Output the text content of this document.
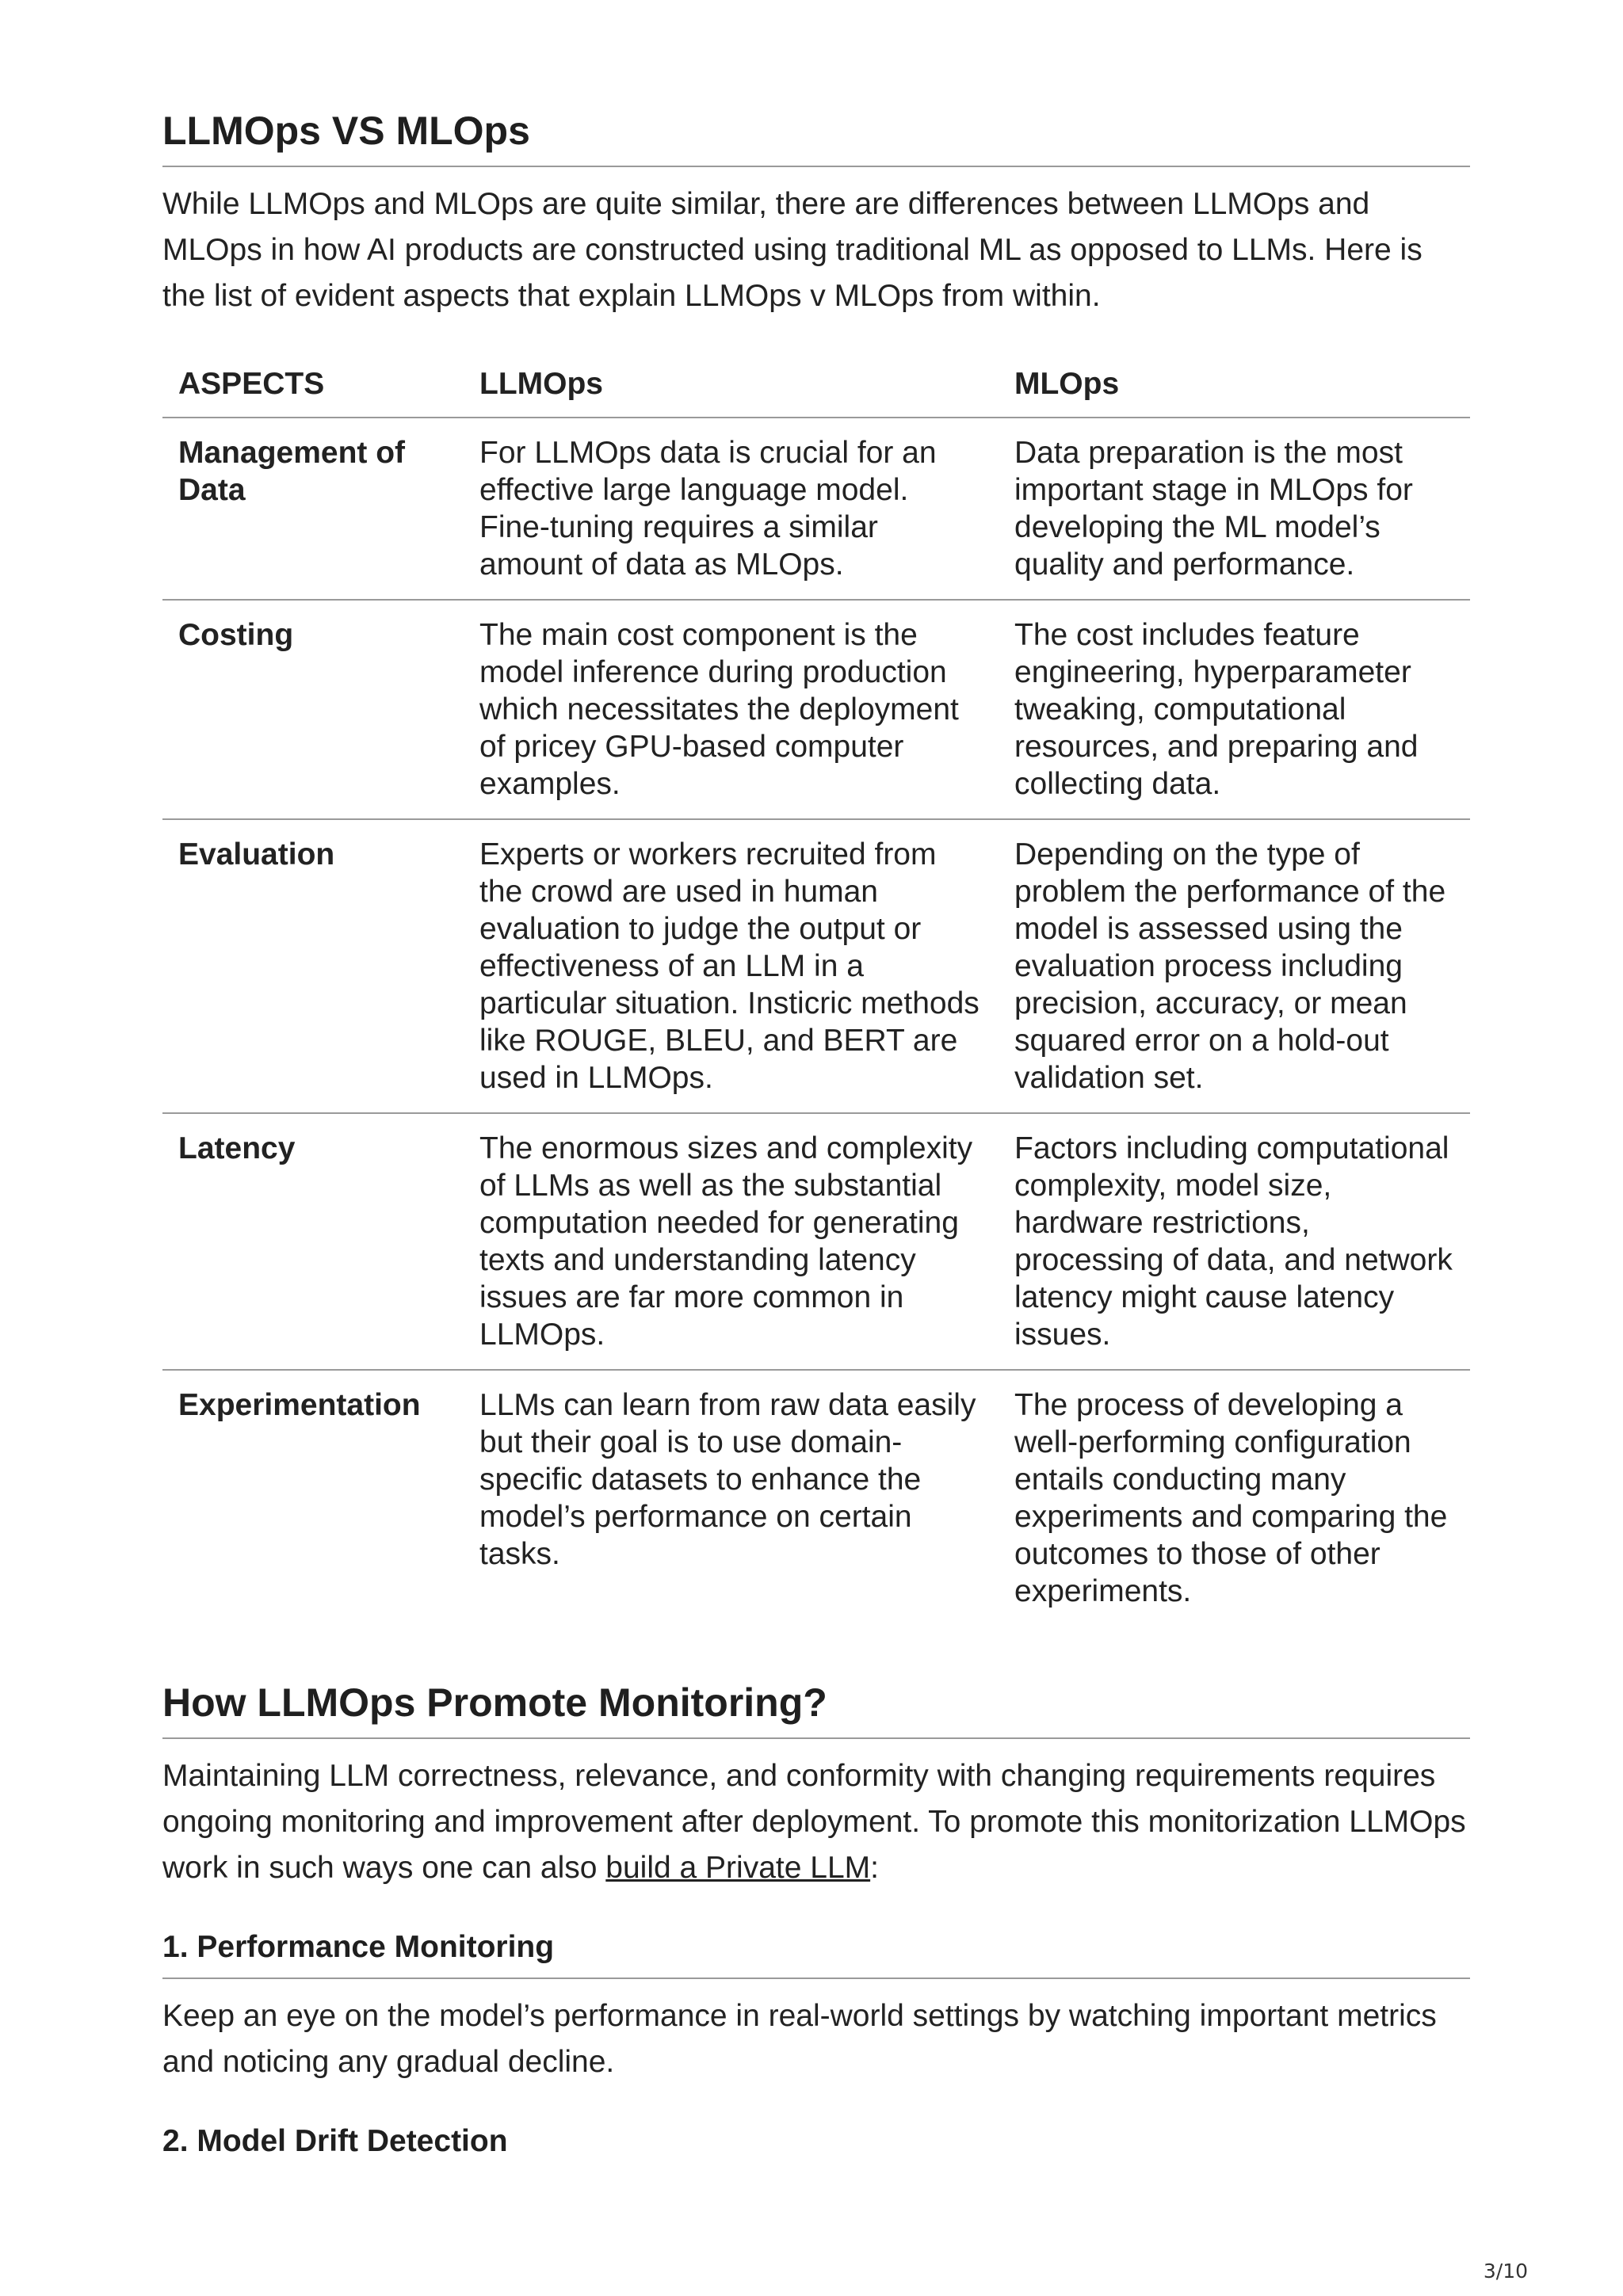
LLMOps VS MLOps

While LLMOps and MLOps are quite similar, there are differences between LLMOps and MLOps in how AI products are constructed using traditional ML as opposed to LLMs. Here is the list of evident aspects that explain LLMOps v MLOps from within.

ASPECTS	LLMOps	MLOps
Management of Data	For LLMOps data is crucial for an effective large language model. Fine-tuning requires a similar amount of data as MLOps.	Data preparation is the most important stage in MLOps for developing the ML model’s quality and performance.
Costing	The main cost component is the model inference during production which necessitates the deployment of pricey GPU-based computer examples.	The cost includes feature engineering, hyperparameter tweaking, computational resources, and preparing and collecting data.
Evaluation	Experts or workers recruited from the crowd are used in human evaluation to judge the output or effectiveness of an LLM in a particular situation. Insticric methods like ROUGE, BLEU, and BERT are used in LLMOps.	Depending on the type of problem the performance of the model is assessed using the evaluation process including precision, accuracy, or mean squared error on a hold-out validation set.
Latency	The enormous sizes and complexity of LLMs as well as the substantial computation needed for generating texts and understanding latency issues are far more common in LLMOps.	Factors including computational complexity, model size, hardware restrictions, processing of data, and network latency might cause latency issues.
Experimentation	LLMs can learn from raw data easily but their goal is to use domain-specific datasets to enhance the model’s performance on certain tasks.	The process of developing a well-performing configuration entails conducting many experiments and comparing the outcomes to those of other experiments.
How LLMOps Promote Monitoring?

Maintaining LLM correctness, relevance, and conformity with changing requirements requires ongoing monitoring and improvement after deployment. To promote this monitorization LLMOps work in such ways one can also build a Private LLM:

1. Performance Monitoring

Keep an eye on the model’s performance in real-world settings by watching important metrics and noticing any gradual decline.

2. Model Drift Detection
3/10
